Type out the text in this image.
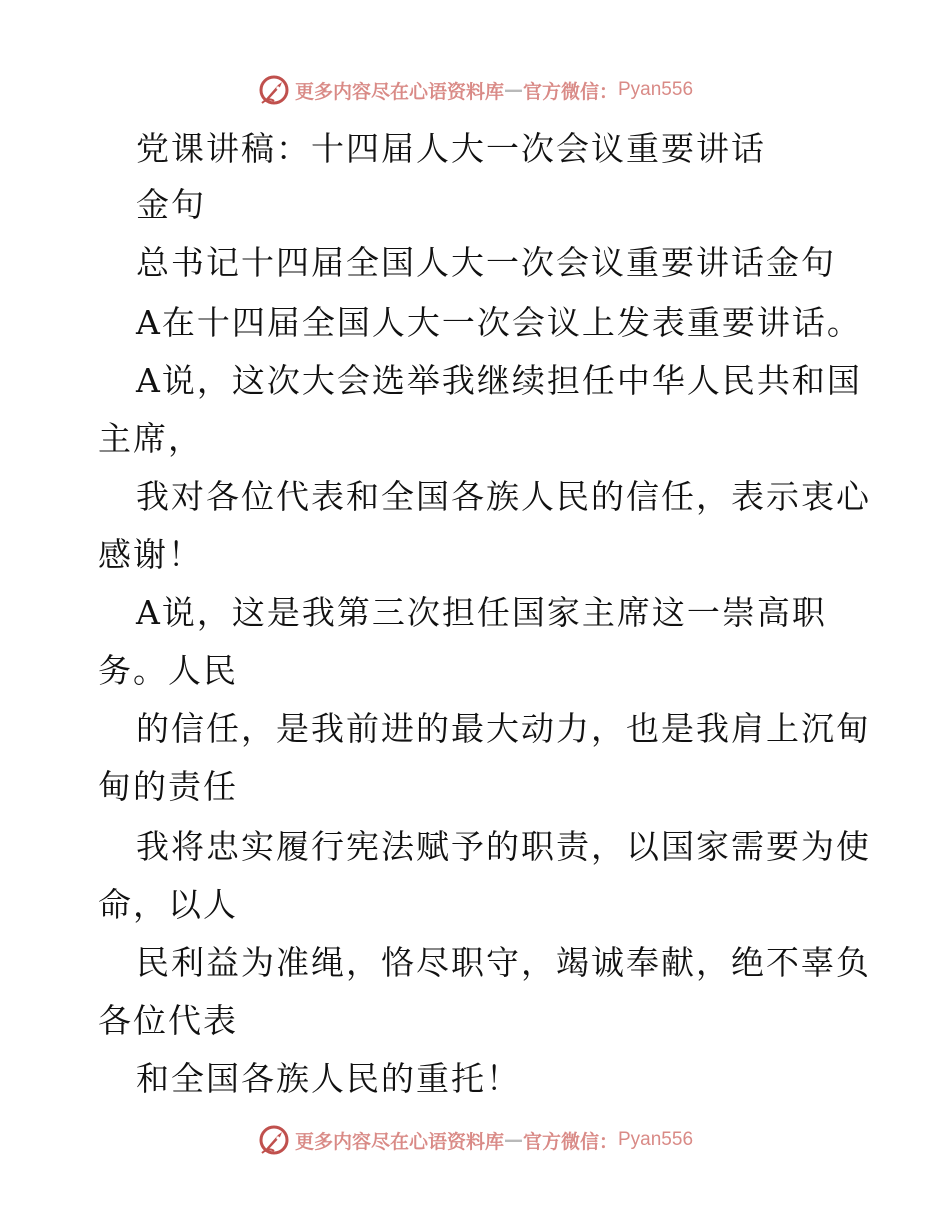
更多内容尽在心语资料库 — 官方微信： Pyan556
党课讲稿：十四届人大一次会议重要讲话
金句
总书记十四届全国人大一次会议重要讲话金句
A在十四届全国人大一次会议上发表重要讲话。
A说，这次大会选举我继续担任中华人民共和国
主席，
我对各位代表和全国各族人民的信任，表示衷心
感谢！
A说，这是我第三次担任国家主席这一崇高职
务。人民
的信任，是我前进的最大动力，也是我肩上沉甸
甸的责任
我将忠实履行宪法赋予的职责，以国家需要为使
命，以人
民利益为准绳，恪尽职守，竭诚奉献，绝不辜负
各位代表
和全国各族人民的重托！
更多内容尽在心语资料库 — 官方微信： Pyan556
